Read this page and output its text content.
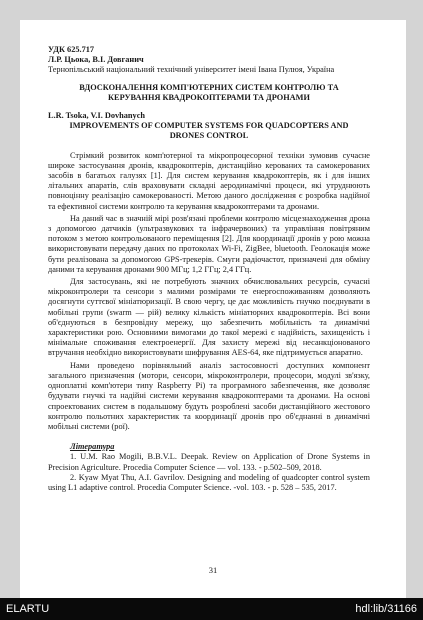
УДК 625.717

Л.Р. Цьока, В.І. Довганич

Тернопільський національний технічний університет імені Івана Пулюя, Україна

ВДОСКОНАЛЕННЯ КОМП'ЮТЕРНИХ СИСТЕМ КОНТРОЛЮ ТА КЕРУВАННЯ КВАДРОКОПТЕРАМИ ТА ДРОНАМИ

L.R. Tsoka, V.I. Dovhanych

IMPROVEMENTS OF COMPUTER SYSTEMS FOR QUADCOPTERS AND DRONES CONTROL

Стрімкий розвиток комп'ютерної та мікропроцесорної техніки зумовив сучасне широке застосування дронів, квадрокоптерів, дистанційно керованих та самокерованих засобів в багатьох галузях [1]. Для систем керування квадрокоптерів, як і для інших літальних апаратів, слів враховувати складні аеродинамічні процеси, які утруднюють повноцінну реалізацію самокерованості. Метою даного дослідження є розробка надійної та ефективної системи контролю та керування квадрокоптерами та дронами.

На даний час в значній мірі розв'язані проблеми контролю місцезнаходження дрона з допомогою датчиків (ультразвукових та інфрачервоних) та управління повітряним потоком з метою контрольованого переміщення [2]. Для координації дронів у рою можна використовувати передачу даних по протоколах Wi-Fi, ZigBee, bluetooth. Геолокація може бути реалізована за допомогою GPS-трекерів. Смуги радіочастот, призначені для обміну даними та керування дронами 900 МГц; 1,2 ГГц; 2,4 ГГц.

Для застосувань, які не потребують значних обчислювальних ресурсів, сучасні мікроконтролери та сенсори з малими розмірами те енергоспоживанням дозволяють досягнути суттєвої мініатюризації. В свою чергу, це дає можливість гнучко поєднувати в мобільні групи (swarm — рій) велику кількість мініатюрних квадрокоптерів. Всі вони об'єднуються в безпровідну мережу, що забезпечить мобільність та динамічні характеристики рою. Основними вимогами до такої мережі є надійність, захищеність і мінімальне споживання електроенергії. Для захисту мережі від несанкціонованого втручання необхідно використовувати шифрування AES-64, яке підтримується апаратно.

Нами проведено порівняльний аналіз застосовності доступних компонент загального призначення (мотори, сенсори, мікроконтролери, процесори, модулі зв'язку, одноплатні комп'ютери типу Raspberry Pi) та програмного забезпечення, яке дозволяє будувати гнучкі та надійні системи керування квадрокоптерами та дронами. На основі спроектованих систем в подальшому будуть розроблені засоби дистанційного жестового контролю польотних характеристик та координації дронів про об'єднанні в динамічні мобільні системи (рої).

Література

1. U.M. Rao Mogili, B.B.V.L. Deepak. Review on Application of Drone Systems in Precision Agriculture. Procedia Computer Science — vol. 133. - p.502–509, 2018.

2. Kyaw Myat Thu, A.I. Gavrilov. Designing and modeling of quadcopter control system using L1 adaptive control. Procedia Computer Science. -vol. 103. - p. 528 – 535, 2017.

31
ELARTU	hdl:lib/31166
